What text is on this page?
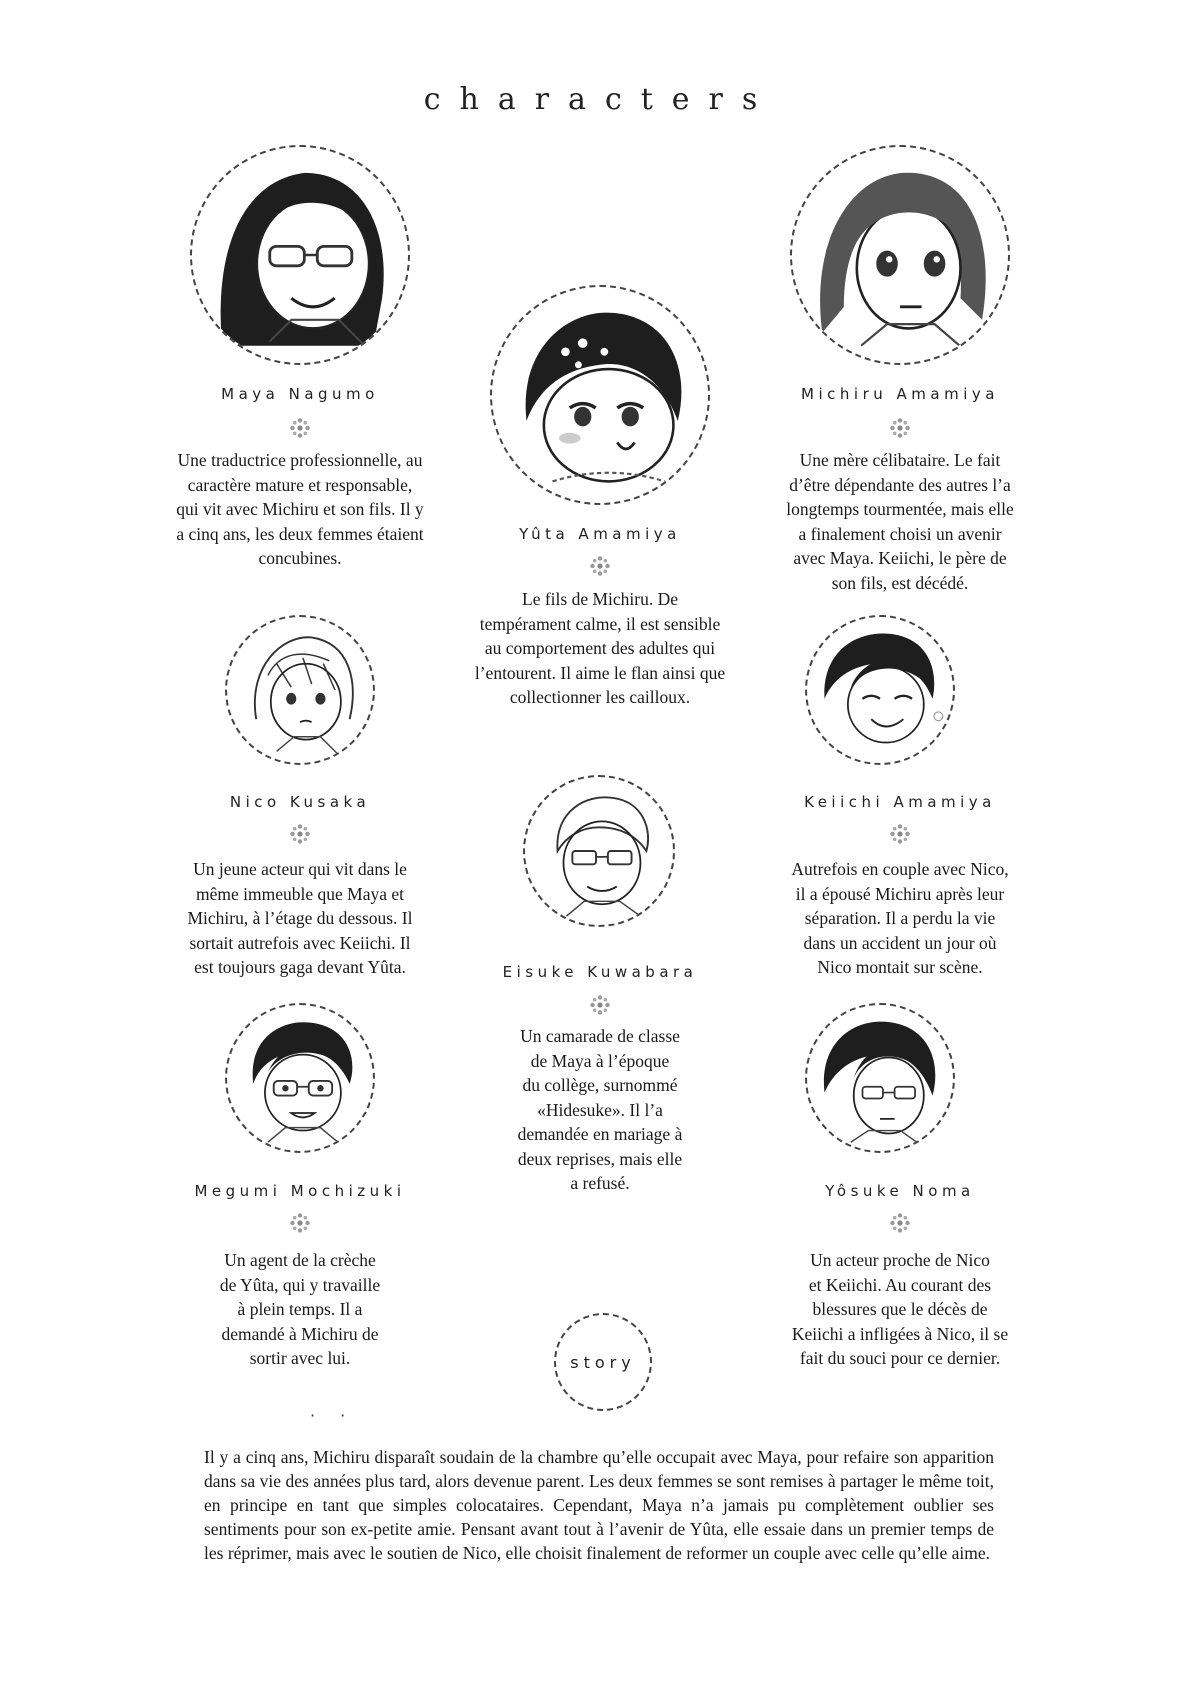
characters
Maya Nagumo
Une traductrice professionnelle, au
caractère mature et responsable,
qui vit avec Michiru et son fils. Il y
a cinq ans, les deux femmes étaient
concubines.
Yûta Amamiya
Le fils de Michiru. De
tempérament calme, il est sensible
au comportement des adultes qui
l’entourent. Il aime le flan ainsi que
collectionner les cailloux.
Michiru Amamiya
Une mère célibataire. Le fait
d’être dépendante des autres l’a
longtemps tourmentée, mais elle
a finalement choisi un avenir
avec Maya. Keiichi, le père de
son fils, est décédé.
Nico Kusaka
Un jeune acteur qui vit dans le
même immeuble que Maya et
Michiru, à l’étage du dessous. Il
sortait autrefois avec Keiichi. Il
est toujours gaga devant Yûta.	Eisuke Kuwabara
Un camarade de classe
de Maya à l’époque
du collège, surnommé
«Hidesuke». Il l’a
demandée en mariage à
deux reprises, mais elle
a refusé.
Keiichi Amamiya
Autrefois en couple avec Nico,
il a épousé Michiru après leur
séparation. Il a perdu la vie
dans un accident un jour où
Nico montait sur scène.
Megumi Mochizuki
Un agent de la crèche
de Yûta, qui y travaille
à plein temps. Il a
demandé à Michiru de
sortir avec lui.
Yôsuke Noma
Un acteur proche de Nico
et Keiichi. Au courant des
blessures que le décès de
Keiichi a infligées à Nico, il se
fait du souci pour ce dernier.
story
· ·
Il y a cinq ans, Michiru disparaît soudain de la chambre qu’elle occupait avec Maya, pour refaire son apparition dans sa vie des années plus tard, alors devenue parent. Les deux femmes se sont remises à partager le même toit, en principe en tant que simples colocataires. Cependant, Maya n’a jamais pu complètement oublier ses sentiments pour son ex-petite amie. Pensant avant tout à l’avenir de Yûta, elle essaie dans un premier temps de les réprimer, mais avec le soutien de Nico, elle choisit finalement de reformer un couple avec celle qu’elle aime.
